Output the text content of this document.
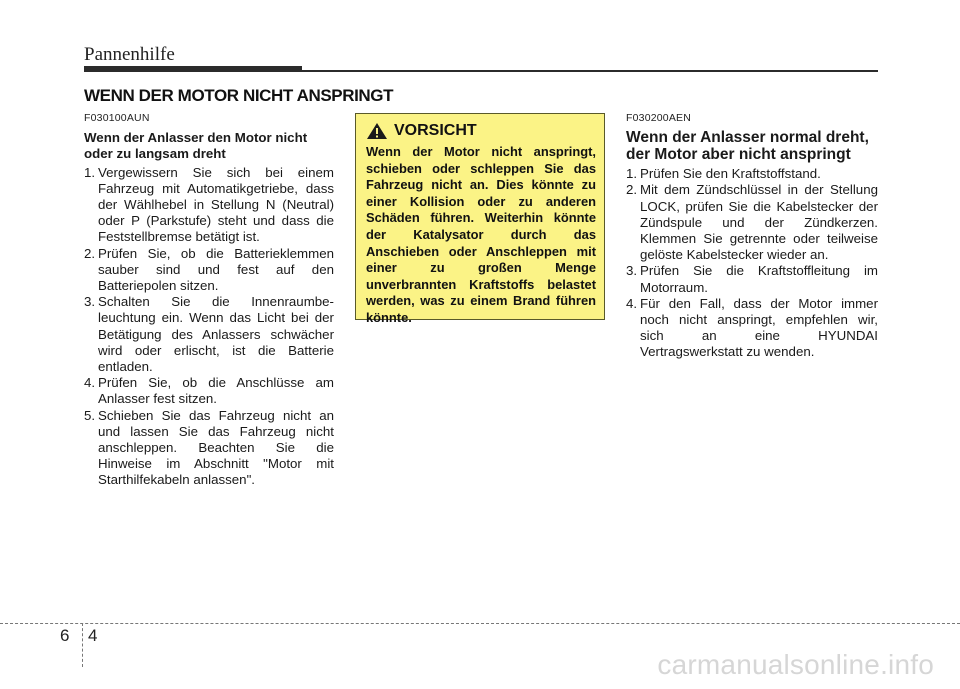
Pannenhilfe
WENN DER MOTOR NICHT ANSPRINGT
F030100AUN
Wenn der Anlasser den Motor nicht oder zu langsam dreht
1. Vergewissern Sie sich bei einem Fahrzeug mit Automatikgetriebe, dass der Wählhebel in Stellung N (Neutral) oder P (Parkstufe) steht und dass die Feststellbremse betätigt ist.
2. Prüfen Sie, ob die Batterieklemmen sauber sind und fest auf den Batteriepolen sitzen.
3. Schalten Sie die Innenraumbe-leuchtung ein. Wenn das Licht bei der Betätigung des Anlassers schwächer wird oder erlischt, ist die Batterie entladen.
4. Prüfen Sie, ob die Anschlüsse am Anlasser fest sitzen.
5. Schieben Sie das Fahrzeug nicht an und lassen Sie das Fahrzeug nicht anschleppen. Beachten Sie die Hinweise im Abschnitt "Motor mit Starthilfekabeln anlassen".
VORSICHT
Wenn der Motor nicht anspringt, schieben oder schleppen Sie das Fahrzeug nicht an. Dies könnte zu einer Kollision oder zu anderen Schäden führen. Weiterhin könnte der Katalysator durch das Anschieben oder Anschleppen mit einer zu großen Menge unverbrannten Kraftstoffs belastet werden, was zu einem Brand führen könnte.
F030200AEN
Wenn der Anlasser normal dreht, der Motor aber nicht anspringt
1. Prüfen Sie den Kraftstoffstand.
2. Mit dem Zündschlüssel in der Stellung LOCK, prüfen Sie die Kabelstecker der Zündspule und der Zündkerzen. Klemmen Sie getrennte oder teilweise gelöste Kabelstecker wieder an.
3. Prüfen Sie die Kraftstoffleitung im Motorraum.
4. Für den Fall, dass der Motor immer noch nicht anspringt, empfehlen wir, sich an eine HYUNDAI Vertragswerkstatt zu wenden.
6 4
carmanualsonline.info
